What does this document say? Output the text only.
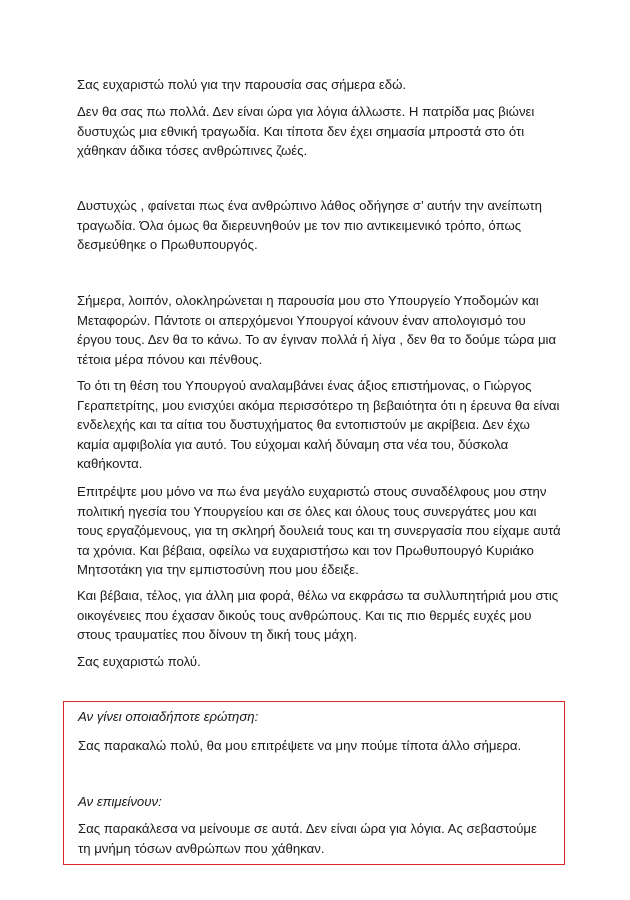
Σας ευχαριστώ πολύ για την παρουσία σας σήμερα εδώ.

Δεν θα σας πω πολλά. Δεν είναι ώρα για λόγια άλλωστε. Η πατρίδα μας βιώνει δυστυχώς μια εθνική τραγωδία. Και τίποτα δεν έχει σημασία μπροστά στο ότι χάθηκαν άδικα τόσες ανθρώπινες ζωές.

Δυστυχώς , φαίνεται πως ένα ανθρώπινο λάθος οδήγησε σ’ αυτήν την ανείπωτη τραγωδία. Όλα όμως θα διερευνηθούν με τον πιο αντικειμενικό τρόπο, όπως δεσμεύθηκε ο Πρωθυπουργός.

Σήμερα, λοιπόν, ολοκληρώνεται η παρουσία μου στο Υπουργείο Υποδομών και Μεταφορών. Πάντοτε οι απερχόμενοι Υπουργοί κάνουν έναν απολογισμό του έργου τους. Δεν θα το κάνω. Το αν έγιναν πολλά ή λίγα , δεν θα το δούμε τώρα μια τέτοια μέρα πόνου και πένθους.

Το ότι τη θέση του Υπουργού αναλαμβάνει ένας άξιος επιστήμονας, ο Γιώργος Γεραπετρίτης, μου ενισχύει ακόμα περισσότερο τη βεβαιότητα ότι η έρευνα θα είναι ενδελεχής και τα αίτια του δυστυχήματος θα εντοπιστούν με ακρίβεια. Δεν έχω καμία αμφιβολία για αυτό. Του εύχομαι καλή δύναμη στα νέα του, δύσκολα καθήκοντα.

Επιτρέψτε μου μόνο να πω ένα μεγάλο ευχαριστώ στους συναδέλφους μου στην πολιτική ηγεσία του Υπουργείου και σε όλες και όλους τους συνεργάτες μου και τους εργαζόμενους, για τη σκληρή δουλειά τους και τη συνεργασία που είχαμε αυτά τα χρόνια. Και βέβαια, οφείλω να ευχαριστήσω και τον Πρωθυπουργό Κυριάκο Μητσοτάκη για την εμπιστοσύνη που μου έδειξε.

Και βέβαια, τέλος, για άλλη μια φορά, θέλω να εκφράσω τα συλλυπητήριά μου στις οικογένειες που έχασαν δικούς τους ανθρώπους. Και τις πιο θερμές ευχές μου στους τραυματίες που δίνουν τη δική τους μάχη.

Σας ευχαριστώ πολύ.

Αν γίνει οποιαδήποτε ερώτηση:

Σας παρακαλώ πολύ, θα μου επιτρέψετε να μην πούμε τίποτα άλλο σήμερα.

Αν επιμείνουν:

Σας παρακάλεσα να μείνουμε σε αυτά. Δεν είναι ώρα για λόγια. Ας σεβαστούμε τη μνήμη τόσων ανθρώπων που χάθηκαν.
